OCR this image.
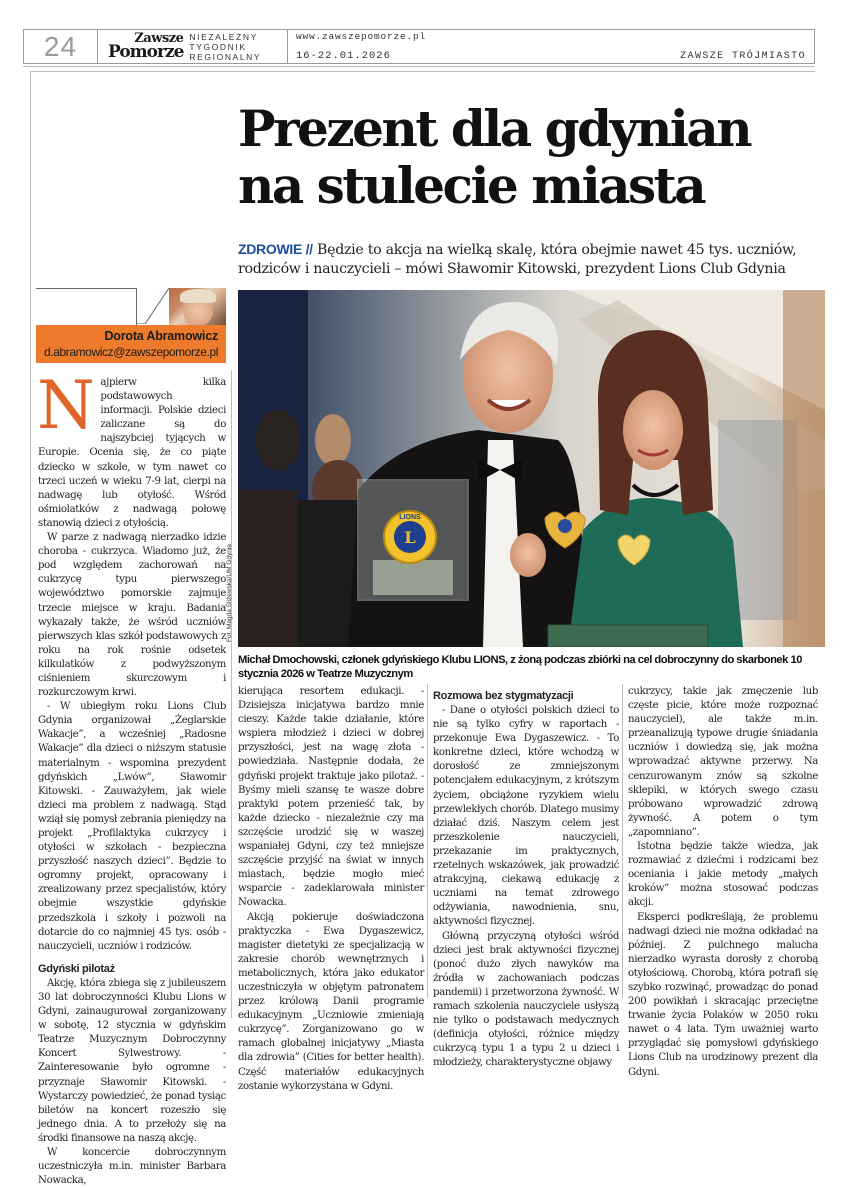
24	Zawsze
Pomorze
NIEZALEŻNY
TYGODNIK
REGIONALNY
www.zawszepomorze.pl
16-22.01.2026	ZAWSZE TRÓJMIASTO
Prezent dla gdynian
na stulecie miasta
ZDROWIE // Będzie to akcja na wielką skalę, która obejmie nawet 45 tys. uczniów, rodziców i nauczycieli – mówi Sławomir Kitowski, prezydent Lions Club Gdynia
Dorota Abramowicz
d.abramowicz@zawszepomorze.pl

Najpierw kilka podstawowych informacji. Polskie dzieci zaliczane są do najszybciej tyjących w Europie. Ocenia się, że co piąte dziecko w szkole, w tym nawet co trzeci uczeń w wieku 7-9 lat, cierpi na nadwagę lub otyłość. Wśród ośmiolatków z nadwagą połowę stanowią dzieci z otyłością.

W parze z nadwagą nierzadko idzie choroba - cukrzyca. Wiadomo już, że pod względem zachorowań na cukrzycę typu pierwszego województwo pomorskie zajmuje trzecie miejsce w kraju. Badania wykazały także, że wśród uczniów pierwszych klas szkół podstawowych z roku na rok rośnie odsetek kilkulatków z podwyższonym ciśnieniem skurczowym i rozkurczowym krwi.

- W ubiegłym roku Lions Club Gdynia organizował „Żeglarskie Wakacje”, a wcześniej „Radosne Wakacje” dla dzieci o niższym statusie materialnym - wspomina prezydent gdyńskich „Lwów”, Sławomir Kitowski. - Zauważyłem, jak wiele dzieci ma problem z nadwagą. Stąd wziął się pomysł zebrania pieniędzy na projekt „Profilaktyka cukrzycy i otyłości w szkołach - bezpieczna przyszłość naszych dzieci”. Będzie to ogromny projekt, opracowany i zrealizowany przez specjalistów, który obejmie wszystkie gdyńskie przedszkola i szkoły i pozwoli na dotarcie do co najmniej 45 tys. osób - nauczycieli, uczniów i rodziców.

Gdyński pilotaż

Akcję, która zbiega się z jubileuszem 30 lat dobroczynności Klubu Lions w Gdyni, zainaugurował zorganizowany w sobotę, 12 stycznia w gdyńskim Teatrze Muzycznym Dobroczynny Koncert Sylwestrowy. - Zainteresowanie było ogromne - przyznaje Sławomir Kitowski. - Wystarczy powiedzieć, że ponad tysiąc biletów na koncert rozeszło się jednego dnia. A to przełoży się na środki finansowe na naszą akcję.

W koncercie dobroczynnym uczestniczyła m.in. minister Barbara Nowacka,

L
LIONS
Fot. Magda Śliżewska/UM Gdynia
Michał Dmochowski, członek gdyńskiego Klubu LIONS, z żoną podczas zbiórki na cel dobroczynny do skarbonek 10 stycznia 2026 w Teatrze Muzycznym

kierująca resortem edukacji. - Dzisiejsza inicjatywa bardzo mnie cieszy. Każde takie działanie, które wspiera młodzież i dzieci w dobrej przyszłości, jest na wagę złota - powiedziała. Następnie dodała, że gdyński projekt traktuje jako pilotaż. - Byśmy mieli szansę te wasze dobre praktyki potem przenieść tak, by każde dziecko - niezależnie czy ma szczęście urodzić się w waszej wspaniałej Gdyni, czy też mniejsze szczęście przyjść na świat w innych miastach, będzie mogło mieć wsparcie - zadeklarowała minister Nowacka.

Akcją pokieruje doświadczona praktyczka - Ewa Dygaszewicz, magister dietetyki ze specjalizacją w zakresie chorób wewnętrznych i metabolicznych, która jako edukator uczestniczyła w objętym patronatem przez królową Danii programie edukacyjnym „Uczniowie zmieniają cukrzycę”. Zorganizowano go w ramach globalnej inicjatywy „Miasta dla zdrowia” (Cities for better health). Część materiałów edukacyjnych zostanie wykorzystana w Gdyni.

Rozmowa bez stygmatyzacji

- Dane o otyłości polskich dzieci to nie są tylko cyfry w raportach - przekonuje Ewa Dygaszewicz. - To konkretne dzieci, które wchodzą w dorosłość ze zmniejszonym potencjałem edukacyjnym, z krótszym życiem, obciążone ryzykiem wielu przewlekłych chorób. Dlatego musimy działać dziś. Naszym celem jest przeszkolenie nauczycieli, przekazanie im praktycznych, rzetelnych wskazówek, jak prowadzić atrakcyjną, ciekawą edukację z uczniami na temat zdrowego odżywiania, nawodnienia, snu, aktywności fizycznej.

Główną przyczyną otyłości wśród dzieci jest brak aktywności fizycznej (ponoć dużo złych nawyków ma źródła w zachowaniach podczas pandemii) i przetworzona żywność. W ramach szkolenia nauczyciele usłyszą nie tylko o podstawach medycznych (definicja otyłości, różnice między cukrzycą typu 1 a typu 2 u dzieci i młodzieży, charakterystyczne objawy

cukrzycy, takie jak zmęczenie lub częste picie, które może rozpoznać nauczyciel), ale także m.in. przeanalizują typowe drugie śniadania uczniów i dowiedzą się, jak można wprowadzać aktywne przerwy. Na cenzurowanym znów są szkolne sklepiki, w których swego czasu próbowano wprowadzić zdrową żywność. A potem o tym „zapomniano”.

Istotna będzie także wiedza, jak rozmawiać z dziećmi i rodzicami bez oceniania i jakie metody „małych kroków” można stosować podczas akcji.

Eksperci podkreślają, że problemu nadwagi dzieci nie można odkładać na później. Z pulchnego malucha nierzadko wyrasta dorosły z chorobą otyłościową. Chorobą, która potrafi się szybko rozwinąć, prowadząc do ponad 200 powikłań i skracając przeciętne trwanie życia Polaków w 2050 roku nawet o 4 lata. Tym uważniej warto przyglądać się pomysłowi gdyńskiego Lions Club na urodzinowy prezent dla Gdyni.
